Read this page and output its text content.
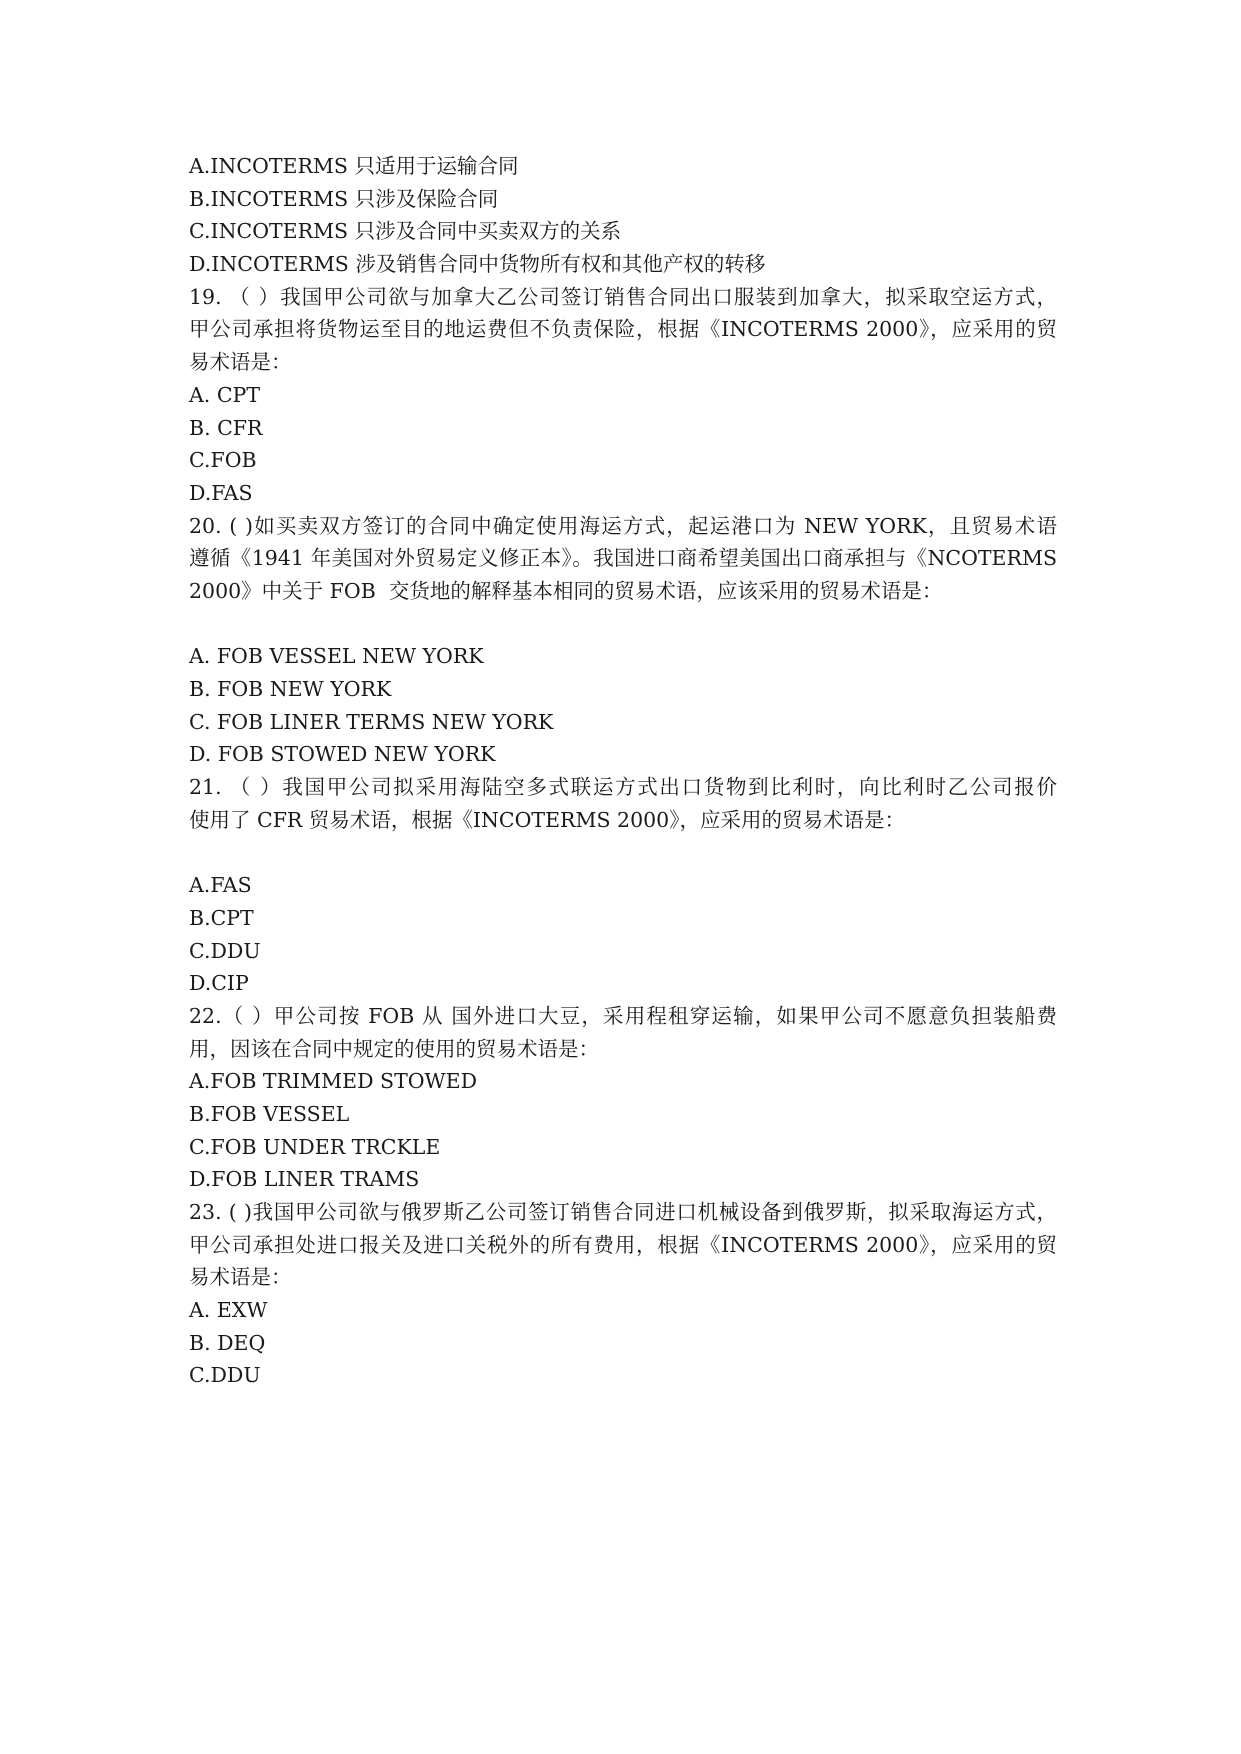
A.INCOTERMS 只适用于运输合同
B.INCOTERMS 只涉及保险合同
C.INCOTERMS 只涉及合同中买卖双方的关系
D.INCOTERMS 涉及销售合同中货物所有权和其他产权的转移
19. （ ）我国甲公司欲与加拿大乙公司签订销售合同出口服装到加拿大，拟采取空运方式，
甲公司承担将货物运至目的地运费但不负责保险，根据《INCOTERMS 2000》，应采用的贸
易术语是：
A. CPT
B. CFR
C.FOB
D.FAS
20. ( )如买卖双方签订的合同中确定使用海运方式，起运港口为 NEW YORK，且贸易术语
遵循《1941 年美国对外贸易定义修正本》。我国进口商希望美国出口商承担与《NCOTERMS
2000》中关于 FOB  交货地的解释基本相同的贸易术语，应该采用的贸易术语是：
A. FOB VESSEL NEW YORK
B. FOB NEW YORK
C. FOB LINER TERMS NEW YORK
D. FOB STOWED NEW YORK
21. （ ）我国甲公司拟采用海陆空多式联运方式出口货物到比利时，向比利时乙公司报价
使用了 CFR 贸易术语，根据《INCOTERMS 2000》，应采用的贸易术语是：
A.FAS
B.CPT
C.DDU
D.CIP
22.（ ）甲公司按 FOB 从 国外进口大豆，采用程租穿运输，如果甲公司不愿意负担装船费
用，因该在合同中规定的使用的贸易术语是：
A.FOB TRIMMED STOWED
B.FOB VESSEL
C.FOB UNDER TRCKLE
D.FOB LINER TRAMS
23. ( )我国甲公司欲与俄罗斯乙公司签订销售合同进口机械设备到俄罗斯，拟采取海运方式，
甲公司承担处进口报关及进口关税外的所有费用，根据《INCOTERMS 2000》，应采用的贸
易术语是：
A. EXW
B. DEQ
C.DDU
